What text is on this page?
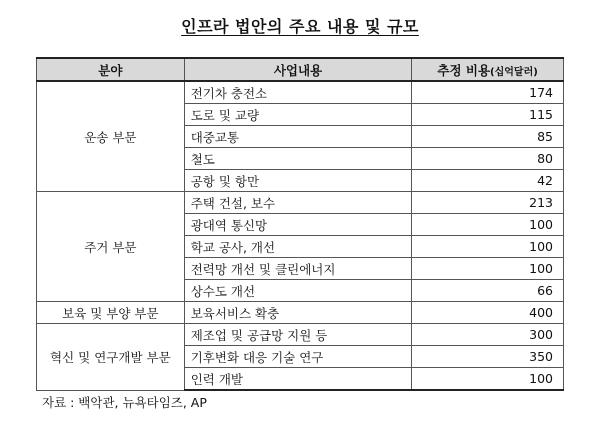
인프라 법안의 주요 내용 및 규모
분야	사업내용	추정 비용(십억달러)
운송 부문	전기차 충전소	174
	도로 및 교량	115
	대중교통	85
	철도	80
	공항 및 항만	42
주거 부문	주택 건설, 보수	213
	광대역 통신망	100
	학교 공사, 개선	100
	전력망 개선 및 클린에너지	100
	상수도 개선	66
보육 및 부양 부문	보육서비스 확충	400
혁신 및 연구개발 부문	제조업 및 공급망 지원 등	300
	기후변화 대응 기술 연구	350
	인력 개발	100
자료 : 백악관, 뉴욕타임즈, AP
